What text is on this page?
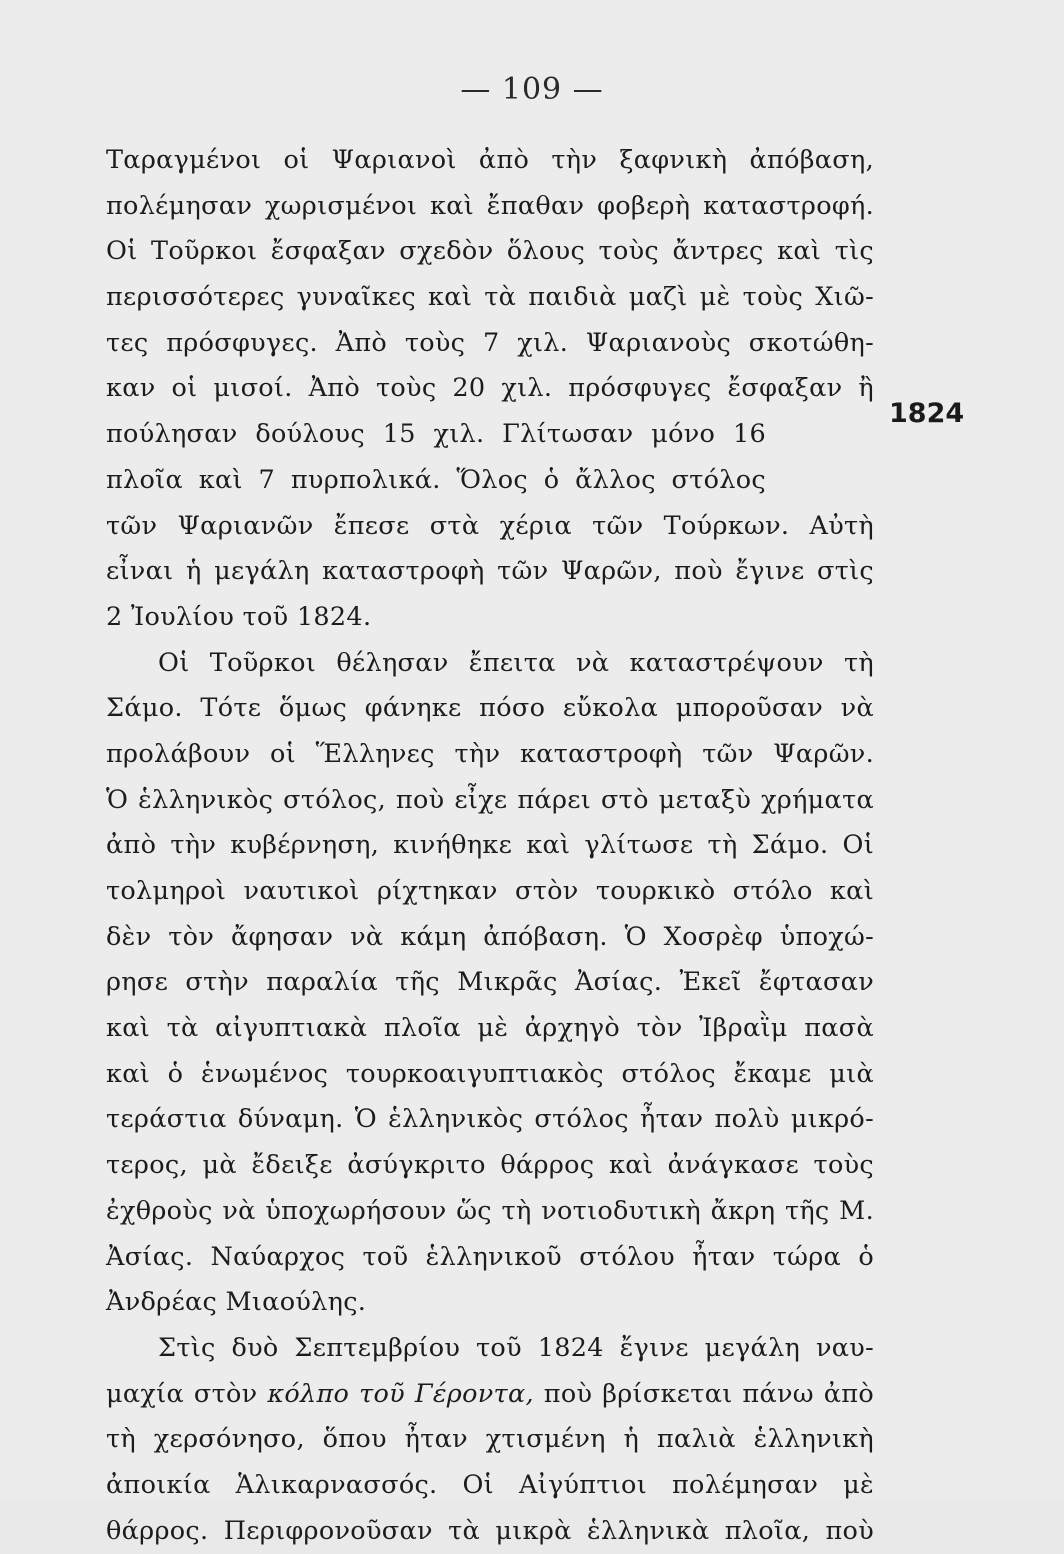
— 109 —
1824
Ταραγμένοι οἱ Ψαριανοὶ ἀπὸ τὴν ξαφνικὴ ἀπόβαση,
πολέμησαν χωρισμένοι καὶ ἔπαθαν φοβερὴ καταστροφή.
Οἱ Τοῦρκοι ἔσφαξαν σχεδὸν ὅλους τοὺς ἄντρες καὶ τὶς
περισσότερες γυναῖκες καὶ τὰ παιδιὰ μαζὶ μὲ τοὺς Χιῶ-
τες πρόσφυγες. Ἀπὸ τοὺς 7 χιλ. Ψαριανοὺς σκοτώθη-
καν οἱ μισοί. Ἀπὸ τοὺς 20 χιλ. πρόσφυγες ἔσφαξαν ἢ
πούλησαν δούλους 15 χιλ. Γλίτωσαν μόνο 16
πλοῖα καὶ 7 πυρπολικά. Ὅλος ὁ ἄλλος στόλος
τῶν Ψαριανῶν ἔπεσε στὰ χέρια τῶν Τούρκων. Αὐτὴ
εἶναι ἡ μεγάλη καταστροφὴ τῶν Ψαρῶν, ποὺ ἔγινε στὶς
2 Ἰουλίου τοῦ 1824.
Οἱ Τοῦρκοι θέλησαν ἔπειτα νὰ καταστρέψουν τὴ
Σάμο. Τότε ὅμως φάνηκε πόσο εὔκολα μποροῦσαν νὰ
προλάβουν οἱ Ἕλληνες τὴν καταστροφὴ τῶν Ψαρῶν.
Ὁ ἑλληνικὸς στόλος, ποὺ εἶχε πάρει στὸ μεταξὺ χρήματα
ἀπὸ τὴν κυβέρνηση, κινήθηκε καὶ γλίτωσε τὴ Σάμο. Οἱ
τολμηροὶ ναυτικοὶ ρίχτηκαν στὸν τουρκικὸ στόλο καὶ
δὲν τὸν ἄφησαν νὰ κάμη ἀπόβαση. Ὁ Χοσρὲφ ὑποχώ-
ρησε στὴν παραλία τῆς Μικρᾶς Ἀσίας. Ἐκεῖ ἔφτασαν
καὶ τὰ αἰγυπτιακὰ πλοῖα μὲ ἀρχηγὸ τὸν Ἰβραῒμ πασὰ
καὶ ὁ ἑνωμένος τουρκοαιγυπτιακὸς στόλος ἔκαμε μιὰ
τεράστια δύναμη. Ὁ ἑλληνικὸς στόλος ἦταν πολὺ μικρό-
τερος, μὰ ἔδειξε ἀσύγκριτο θάρρος καὶ ἀνάγκασε τοὺς
ἐχθροὺς νὰ ὑποχωρήσουν ὥς τὴ νοτιοδυτικὴ ἄκρη τῆς Μ.
Ἀσίας. Ναύαρχος τοῦ ἑλληνικοῦ στόλου ἦταν τώρα ὁ
Ἀνδρέας Μιαούλης.
Στὶς δυὸ Σεπτεμβρίου τοῦ 1824 ἔγινε μεγάλη ναυ-
μαχία στὸν κόλπο τοῦ Γέροντα, ποὺ βρίσκεται πάνω ἀπὸ
τὴ χερσόνησο, ὅπου ἦταν χτισμένη ἡ παλιὰ ἑλληνικὴ
ἀποικία Ἁλικαρνασσός. Οἱ Αἰγύπτιοι πολέμησαν μὲ
θάρρος. Περιφρονοῦσαν τὰ μικρὰ ἑλληνικὰ πλοῖα, ποὺ
